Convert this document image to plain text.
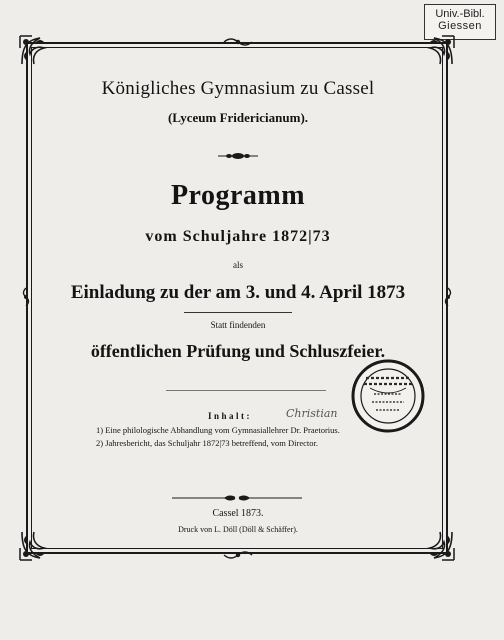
Univ.-Bibl.
Giessen
Königliches Gymnasium zu Cassel
(Lyceum Fridericianum).
Programm
vom Schuljahre 1872|73
als
Einladung zu der am 3. und 4. April 1873
Statt findenden
öffentlichen Prüfung und Schluszfeier.
Inhalt:	Christian
1) Eine philologische Abhandlung vom Gymnasiallehrer Dr. Praetorius.
2) Jahresbericht, das Schuljahr 1872|73 betreffend, vom Director.
Cassel 1873.
Druck von L. Döll (Döll & Schäffer).
